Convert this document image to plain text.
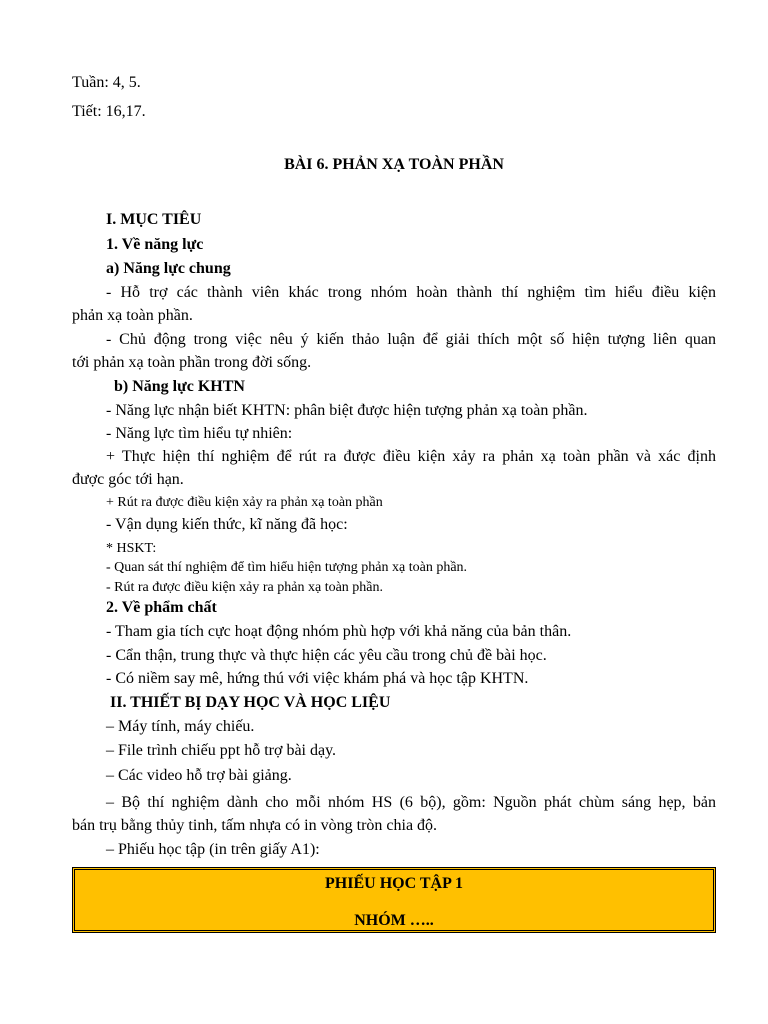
Tuần: 4, 5.

Tiết: 16,17.

BÀI 6. PHẢN XẠ TOÀN PHẦN

I. MỤC TIÊU

1. Về năng lực

a) Năng lực chung

- Hỗ trợ các thành viên khác trong nhóm hoàn thành thí nghiệm tìm hiểu điều kiện

phản xạ toàn phần.

- Chủ động trong việc nêu ý kiến thảo luận để giải thích một số hiện tượng liên quan

tới phản xạ toàn phần trong đời sống.

b) Năng lực KHTN

- Năng lực nhận biết KHTN: phân biệt được hiện tượng phản xạ toàn phần.

- Năng lực tìm hiểu tự nhiên:

+ Thực hiện thí nghiệm để rút ra được điều kiện xảy ra phản xạ toàn phần và xác định

được góc tới hạn.

+ Rút ra được điều kiện xảy ra phản xạ toàn phần

- Vận dụng kiến thức, kĩ năng đã học:

* HSKT:

- Quan sát thí nghiệm để tìm hiểu hiện tượng phản xạ toàn phần.

- Rút ra được điều kiện xảy ra phản xạ toàn phần.

2. Về phẩm chất

- Tham gia tích cực hoạt động nhóm phù hợp với khả năng của bản thân.

- Cẩn thận, trung thực và thực hiện các yêu cầu trong chủ đề bài học.

- Có niềm say mê, hứng thú với việc khám phá và học tập KHTN.

II. THIẾT BỊ DẠY HỌC VÀ HỌC LIỆU

– Máy tính, máy chiếu.

– File trình chiếu ppt hỗ trợ bài dạy.

– Các video hỗ trợ bài giảng.

– Bộ thí nghiệm dành cho mỗi nhóm HS (6 bộ), gồm: Nguồn phát chùm sáng hẹp, bản

bán trụ bằng thủy tinh, tấm nhựa có in vòng tròn chia độ.

– Phiếu học tập (in trên giấy A1):

PHIẾU HỌC TẬP 1

NHÓM …..
